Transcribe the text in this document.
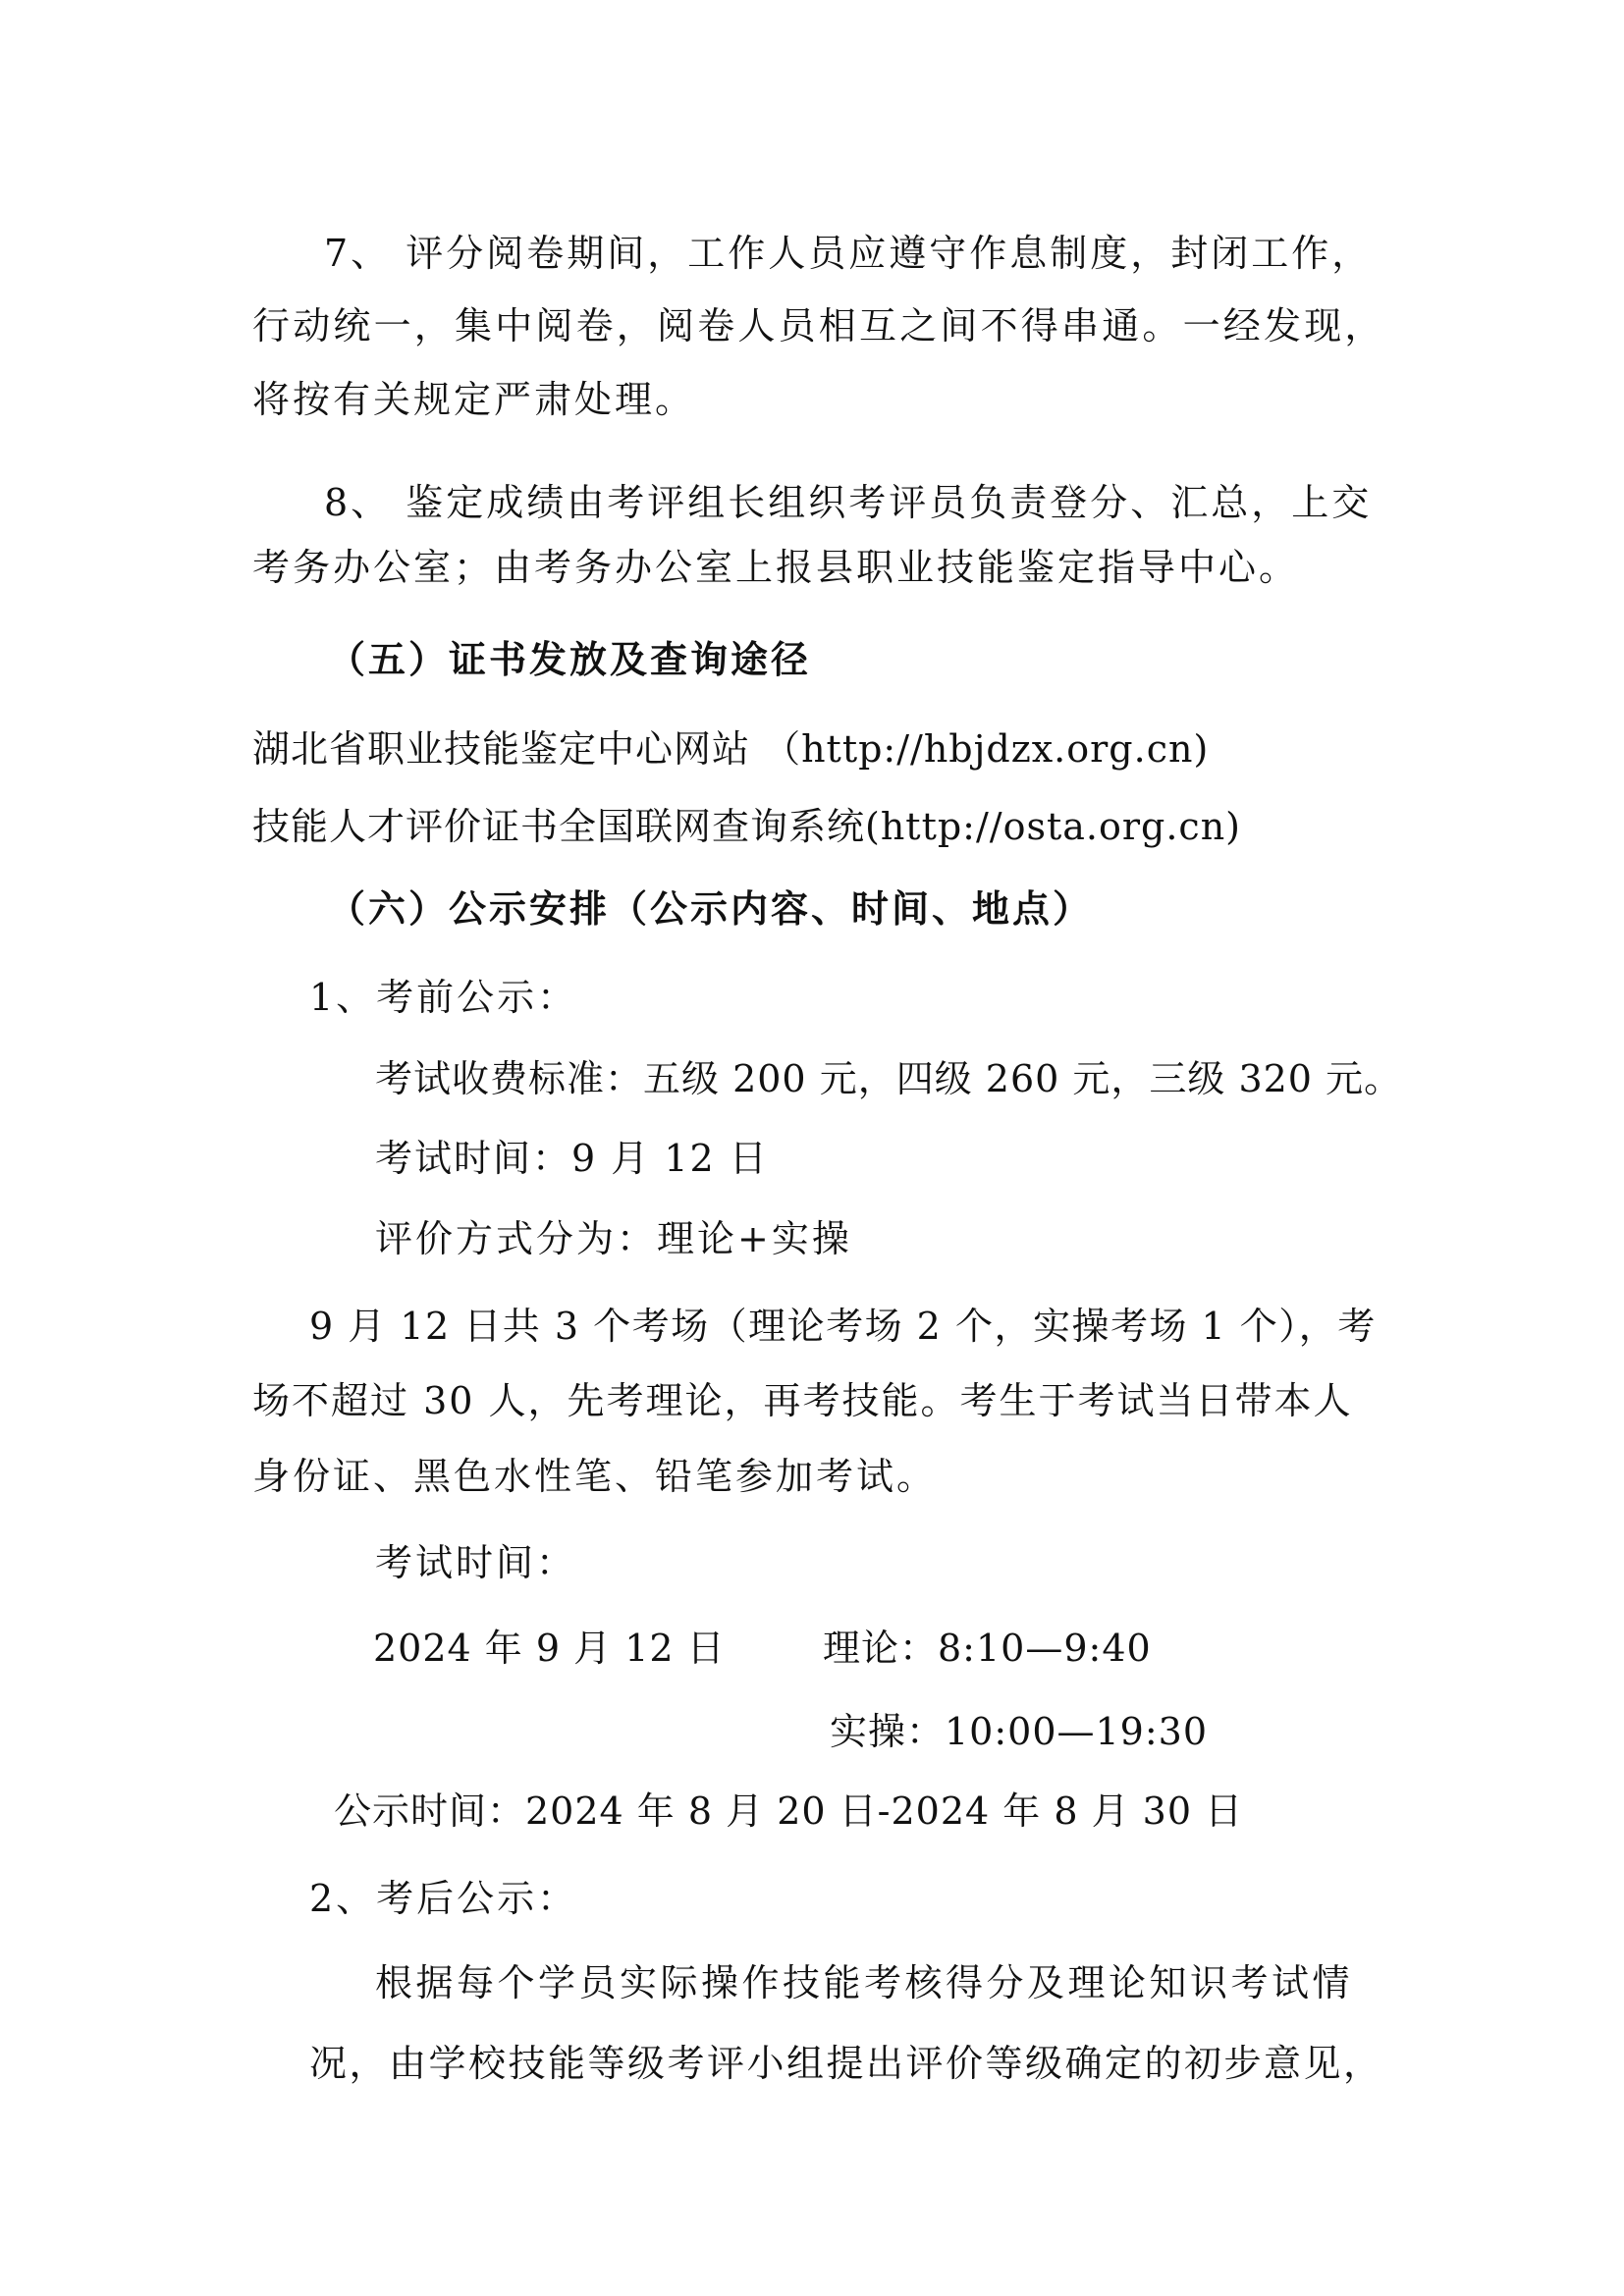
7、 评分阅卷期间，工作人员应遵守作息制度，封闭工作，
行动统一，集中阅卷，阅卷人员相互之间不得串通。一经发现，
将按有关规定严肃处理。
8、 鉴定成绩由考评组长组织考评员负责登分、汇总，上交
考务办公室；由考务办公室上报县职业技能鉴定指导中心。
（五）证书发放及查询途径
湖北省职业技能鉴定中心网站 （http://hbjdzx.org.cn)
技能人才评价证书全国联网查询系统(http://osta.org.cn)
（六）公示安排（公示内容、时间、地点）
1、考前公示：
考试收费标准：五级 200 元，四级 260 元，三级 320 元。
考试时间：9 月 12 日
评价方式分为：理论+实操
9 月 12 日共 3 个考场（理论考场 2 个，实操考场 1 个），考
场不超过 30 人，先考理论，再考技能。考生于考试当日带本人
身份证、黑色水性笔、铅笔参加考试。
考试时间：
2024 年 9 月 12 日	理论：8:10—9:40
实操：10:00—19:30
公示时间：2024 年 8 月 20 日-2024 年 8 月 30 日
2、考后公示：
根据每个学员实际操作技能考核得分及理论知识考试情
况，由学校技能等级考评小组提出评价等级确定的初步意见，
